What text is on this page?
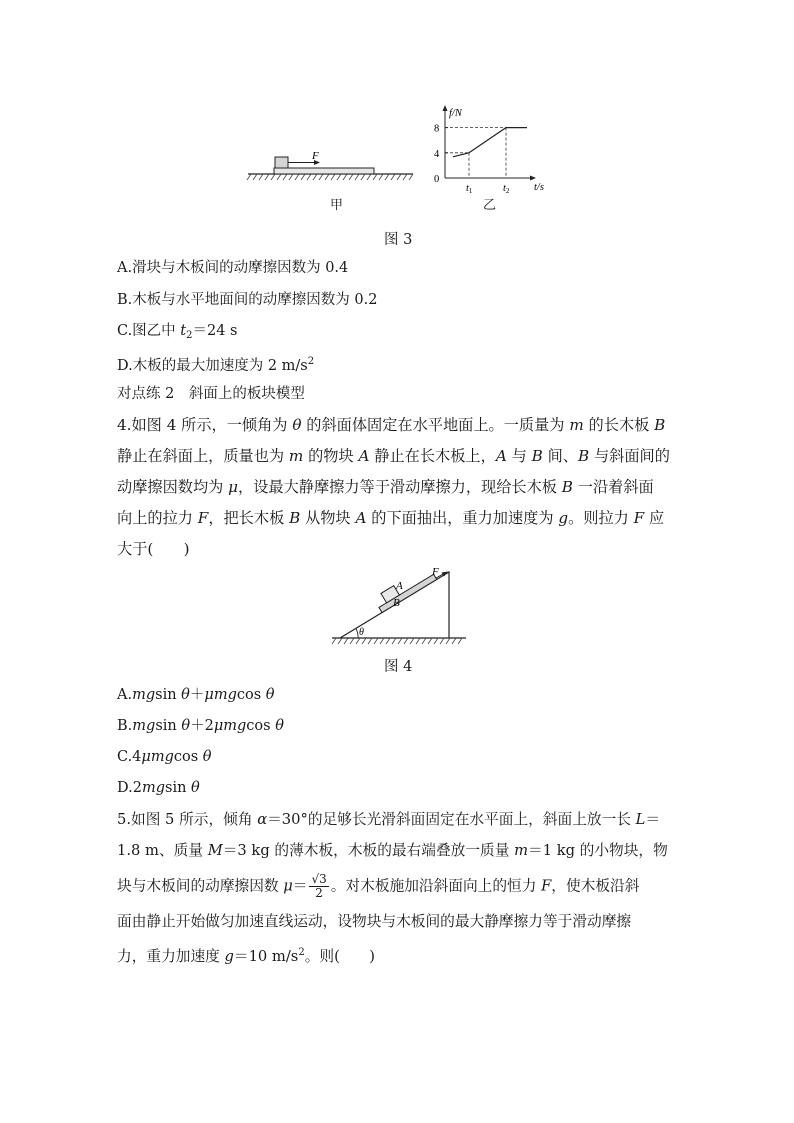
F
甲
f/N
t/s
0
4
8
t1	t2
乙
图 3
A.滑块与木板间的动摩擦因数为 0.4
B.木板与水平地面间的动摩擦因数为 0.2
C.图乙中 $t_2=24$ s
D.木板的最大加速度为 2 $m/s^2$
对点练 2　斜面上的板块模型
4.如图 4 所示，一倾角为 θ 的斜面体固定在水平地面上。一质量为 m 的长木板 B
静止在斜面上，质量也为 m 的物块 A 静止在长木板上，A 与 B 间、B 与斜面间的
动摩擦因数均为 μ，设最大静摩擦力等于滑动摩擦力，现给长木板 B 一沿着斜面
向上的拉力 F，把长木板 B 从物块 A 的下面抽出，重力加速度为 g。则拉力 F 应
大于(　　)
θ
A
B
F
图 4
A.mgsin θ＋μmgcos θ
B.mgsin θ＋2μmgcos θ
C.4μmgcos θ
D.2mgsin θ
5.如图 5 所示，倾角 α＝30°的足够长光滑斜面固定在水平面上，斜面上放一长 L＝
1.8 m、质量 M＝3 kg 的薄木板，木板的最右端叠放一质量 m＝1 kg 的小物块，物
块与木板间的动摩擦因数 $\mu= \frac{√3}{2}$ 。对木板施加沿斜面向上的恒力 F，使木板沿斜
面由静止开始做匀加速直线运动，设物块与木板间的最大静摩擦力等于滑动摩擦
力，重力加速度 g＝10 $m/s^2$。则(　　)
